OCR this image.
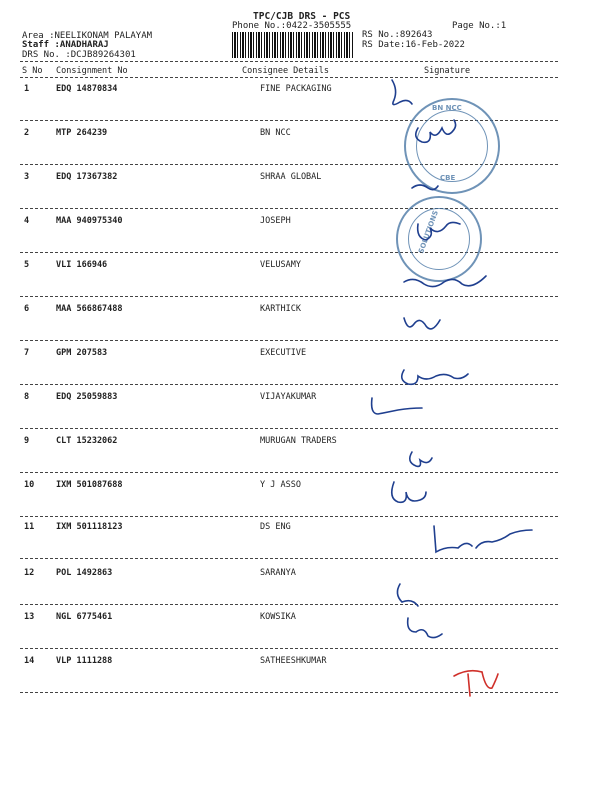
TPC/CJB DRS - PCS
Phone No.:0422-3505555	Page No.:1
Area :NEELIKONAM PALAYAM
Staff :ANADHARAJ
DRS No. :DCJB89264301
RS No.:892643
RS Date:16-Feb-2022
S No Consignment No	Consignee Details	Signature
1	EDQ 14870834	FINE PACKAGING
2	MTP 264239	BN NCC
3	EDQ 17367382	SHRAA GLOBAL
4	MAA 940975340	JOSEPH
5	VLI 166946	VELUSAMY
6	MAA 566867488	KARTHICK
7	GPM 207583	EXECUTIVE
8	EDQ 25059883	VIJAYAKUMAR
9	CLT 15232062	MURUGAN TRADERS
10	IXM 501087688	Y J ASSO
11	IXM 501118123	DS ENG
12	POL 1492863	SARANYA
13	NGL 6775461	KOWSIKA
14	VLP 1111288	SATHEESHKUMAR
BN NCC
CBE
SOLUTIONS
